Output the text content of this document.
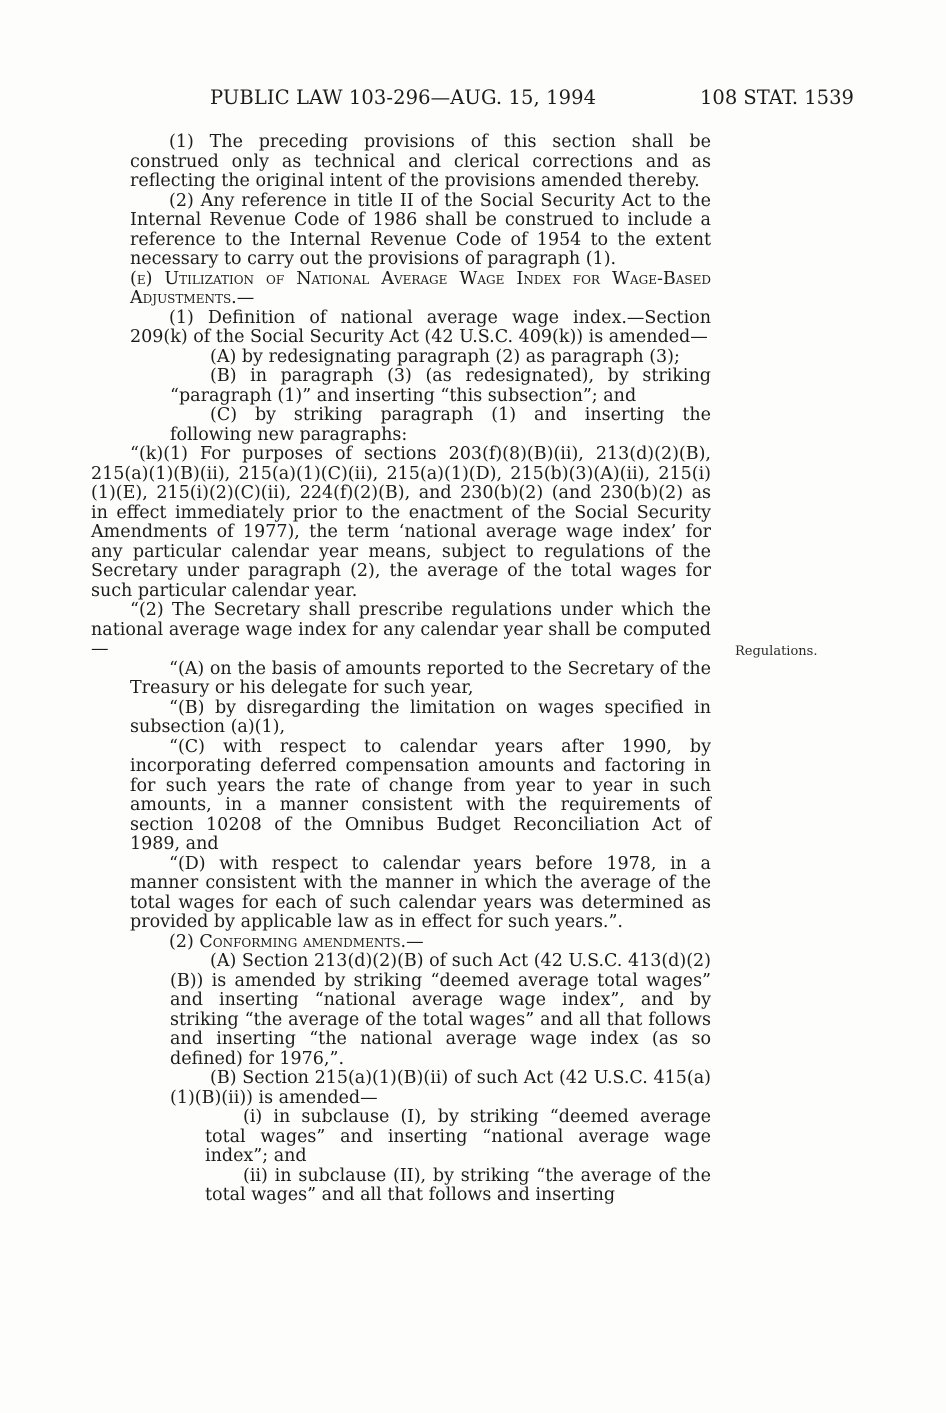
PUBLIC LAW 103-296—AUG. 15, 1994	108 STAT. 1539
Regulations.

(1) The preceding provisions of this section shall be construed only as technical and clerical corrections and as reflecting the original intent of the provisions amended thereby.

(2) Any reference in title II of the Social Security Act to the Internal Revenue Code of 1986 shall be construed to include a reference to the Internal Revenue Code of 1954 to the extent necessary to carry out the provisions of paragraph (1).

(e) Utilization of National Average Wage Index for Wage-Based Adjustments.—

(1) Definition of national average wage index.—Section 209(k) of the Social Security Act (42 U.S.C. 409(k)) is amended—

(A) by redesignating paragraph (2) as paragraph (3);

(B) in paragraph (3) (as redesignated), by striking “paragraph (1)” and inserting “this subsection”; and

(C) by striking paragraph (1) and inserting the following new paragraphs:

“(k)(1) For purposes of sections 203(f)(8)(B)(ii), 213(d)(2)(B), 215(a)(1)(B)(ii), 215(a)(1)(C)(ii), 215(a)(1)(D), 215(b)(3)(A)(ii), 215(i)(1)(E), 215(i)(2)(C)(ii), 224(f)(2)(B), and 230(b)(2) (and 230(b)(2) as in effect immediately prior to the enactment of the Social Security Amendments of 1977), the term ‘national average wage index’ for any particular calendar year means, subject to regulations of the Secretary under paragraph (2), the average of the total wages for such particular calendar year.

“(2) The Secretary shall prescribe regulations under which the national average wage index for any calendar year shall be computed—

“(A) on the basis of amounts reported to the Secretary of the Treasury or his delegate for such year,

“(B) by disregarding the limitation on wages specified in subsection (a)(1),

“(C) with respect to calendar years after 1990, by incorporating deferred compensation amounts and factoring in for such years the rate of change from year to year in such amounts, in a manner consistent with the requirements of section 10208 of the Omnibus Budget Reconciliation Act of 1989, and

“(D) with respect to calendar years before 1978, in a manner consistent with the manner in which the average of the total wages for each of such calendar years was determined as provided by applicable law as in effect for such years.”.

(2) Conforming amendments.—

(A) Section 213(d)(2)(B) of such Act (42 U.S.C. 413(d)(2)(B)) is amended by striking “deemed average total wages” and inserting “national average wage index”, and by striking “the average of the total wages” and all that follows and inserting “the national average wage index (as so defined) for 1976,”.

(B) Section 215(a)(1)(B)(ii) of such Act (42 U.S.C. 415(a)(1)(B)(ii)) is amended—

(i) in subclause (I), by striking “deemed average total wages” and inserting “national average wage index”; and

(ii) in subclause (II), by striking “the average of the total wages” and all that follows and inserting
